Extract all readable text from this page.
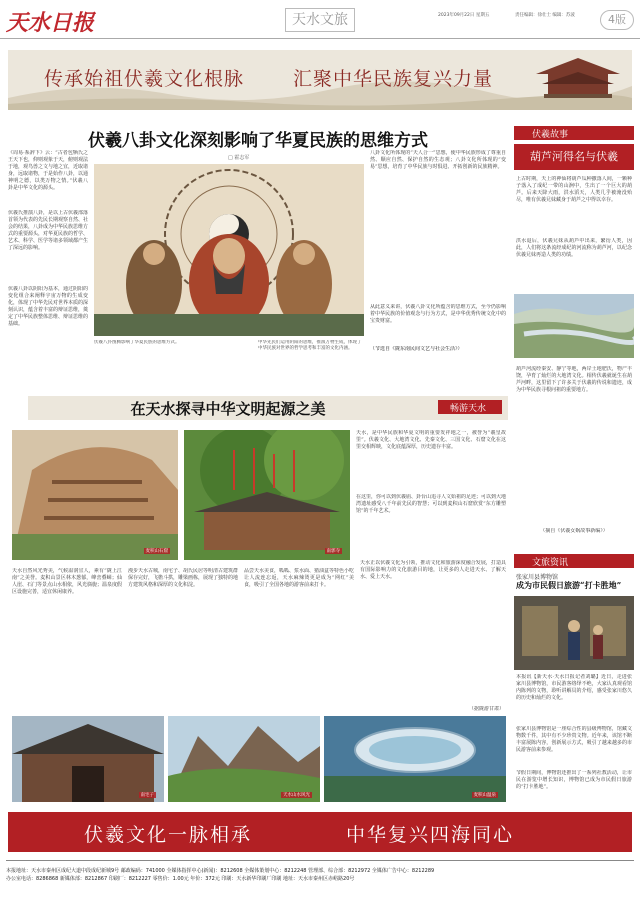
天水日报	天水文旅	2023年09月22日 星期五	责任编辑：徐壮士 编辑：苏波	4版
传承始祖伏羲文化根脉	汇聚中华民族复兴力量
伏羲八卦文化深刻影响了华夏民族的思维方式
□ 霍志军
《周易·系辞下》云：“古者包牺氏之王天下也，仰则观象于天，俯则观法于地，观鸟兽之文与地之宜，近取诸身，远取诸物，于是始作八卦，以通神明之德，以类万物之情。”伏羲八卦是中华文化的源头。
伏羲氏推演八卦，是以上古伏羲部落首领为代表的先民长期观察自然、社会的结果，八卦成为中华民族思维方式的重要源头，对华夏民族的哲学、艺术、科学、医学等诸多领域都产生了深远的影响。
伏羲八卦以阴阳为基本，通过阴阳的变化组合来阐释宇宙万物的生成变化，体现了中华先民对世界本质的深刻认识，蕴含着丰富的辩证思维，奠定了中华民族整体思维、辩证思维的基础。
伏羲八卦图腾影响了华夏民族的思维方式。	中华先民们运用阴阳的思维，推演万物生成，体现了中华民族对世界的哲学思考和丰富的文化内涵。
八卦文化所体现的“天人合一”思想，使中华民族形成了尊重自然、顺应自然、保护自然的生态观；八卦文化所体现的“变易”思想，培育了中华民族与时俱进、开拓创新的民族精神。
从此意义来讲，伏羲八卦文化所蕴含的思维方式，至今仍影响着中华民族的价值观念与行为方式，是中华优秀传统文化中的宝贵财富。
（节选自《陇东南民间文艺与社会生活》）
伏羲故事
葫芦河得名与伏羲
上古时期，天上的神仙将葫芦瓜种撒落人间，一颗种子落入了成纪一带的山涧中，生出了一个巨大的葫芦。后来天降大雨，洪水滔天，人类几乎被淹没殆尽，唯有伏羲兄妹藏身于葫芦之中得以幸存。
洪水退后，伏羲兄妹从葫芦中出来，繁衍人类，因此，人们将这条流经成纪的河流称为葫芦河，以纪念伏羲兄妹再造人类的功绩。
葫芦河流经秦安、静宁等地，两岸土地肥沃，物产丰饶，孕育了灿烂的大地湾文化。相传伏羲就诞生在葫芦河畔，这里留下了许多关于伏羲的传说和遗迹，成为中华民族寻根问祖的重要地方。
（摘自《伏羲女娲故事新编》）
在天水探寻中华文明起源之美	畅游天水
麦积山石窟	南郭寺
天水，是中华民族和华夏文明的重要发祥地之一，被誉为“羲皇故里”。伏羲文化、大地湾文化、先秦文化、三国文化、石窟文化在这里交相辉映，文化底蕴深厚，历史遗存丰富。
在这里，你可以到伏羲庙、卦台山追寻人文始祖的足迹；可以到大地湾遗址感受八千年前先民的智慧；可以到麦积山石窟欣赏“东方雕塑馆”的千年艺术。
天水自然风光秀美，气候温润宜人，素有“陇上江南”之美誉。麦积山景区林木葱郁，峰峦叠嶂；仙人崖、石门等景点山水相依，风光旖旎；温泉度假区设施完善，适宜休闲康养。
漫步天水古城，南宅子、胡氏民居等明清古建筑群保存完好，飞檐斗拱，雕梁画栋，展现了独特的地方建筑风格和深厚的文化积淀。
品尝天水美食，呱呱、浆水面、猪油盒等特色小吃让人流连忘返，天水麻辣烫更是成为“网红”美食，吸引了全国各地的游客前来打卡。
天水正以伏羲文化为引领，推动文化和旅游深度融合发展，打造具有国际影响力的文化旅游目的地，让更多的人走进天水、了解天水、爱上天水。
（据陇游甘肃）
南宅子	天水山水风光	麦积山温泉
文旅资讯
张家川县博物馆
成为市民假日旅游“打卡胜地”
本报讯【新天水·天水日报记者刘璐】近日，走进张家川县博物馆，市民游客络绎不绝，大家认真观看馆内陈列的文物，聆听讲解员的介绍，感受张家川悠久的历史和灿烂的文化。
张家川县博物馆是一座综合性的县级博物馆，馆藏文物数千件，其中有不少珍贵文物。近年来，该馆不断丰富展陈内容，创新展示方式，吸引了越来越多的市民游客前来参观。
节假日期间，博物馆还推出了一系列社教活动，让市民在游览中增长知识，博物馆已成为市民假日旅游的“打卡胜地”。
伏羲文化一脉相承	中华复兴四海同心
本报地址：天水市秦州区成纪大道中段成纪新城9号 邮政编码：741000 全媒体指挥中心(新闻)：8212608 全媒体策划中心：8212248 管理部、综合部：8212972 全媒体广告中心：8212289
办公室电话：8286868 新媒体部：8212867 印刷厂：8212227 零售价：1.00元 年价：372元 印刷：天水新华印刷厂印刷 地址：天水市秦州区赤峪路20号
